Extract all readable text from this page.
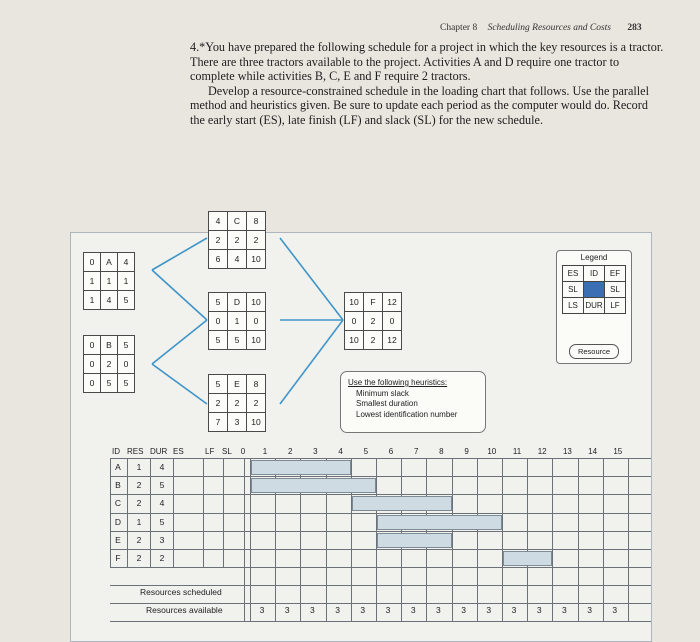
Chapter 8 Scheduling Resources and Costs 283

4.*You have prepared the following schedule for a project in which the key resources is a tractor. There are three tractors available to the project. Activities A and D require one tractor to complete while activities B, C, E and F require 2 tractors.

Develop a resource-constrained schedule in the loading chart that follows. Use the parallel method and heuristics given. Be sure to update each period as the computer would do. Record the early start (ES), late finish (LF) and slack (SL) for the new schedule.

0	A	4
1	1	1
1	4	5
0	B	5
0	2	0
0	5	5
4	C	8
2	2	2
6	4	10
5	D	10
0	1	0
5	5	10
5	E	8
2	2	2
7	3	10
10	F	12
0	2	0
10	2	12
Legend
ES	ID	EF
SL		SL
LS	DUR	LF
Resource
Use the following heuristics:
Minimum slack
Smallest duration
Lowest identification number
ID RES DUR ES	LF SL	0	1	2	3	4	5	6	7	8	9	10	11	12	13	14	15
A	1	4
B	2	5
C	2	4
D	1	5
E	2	3
F	2	2
Resources scheduled
Resources available	3	3	3	3	3	3	3	3	3	3	3	3	3	3	3
